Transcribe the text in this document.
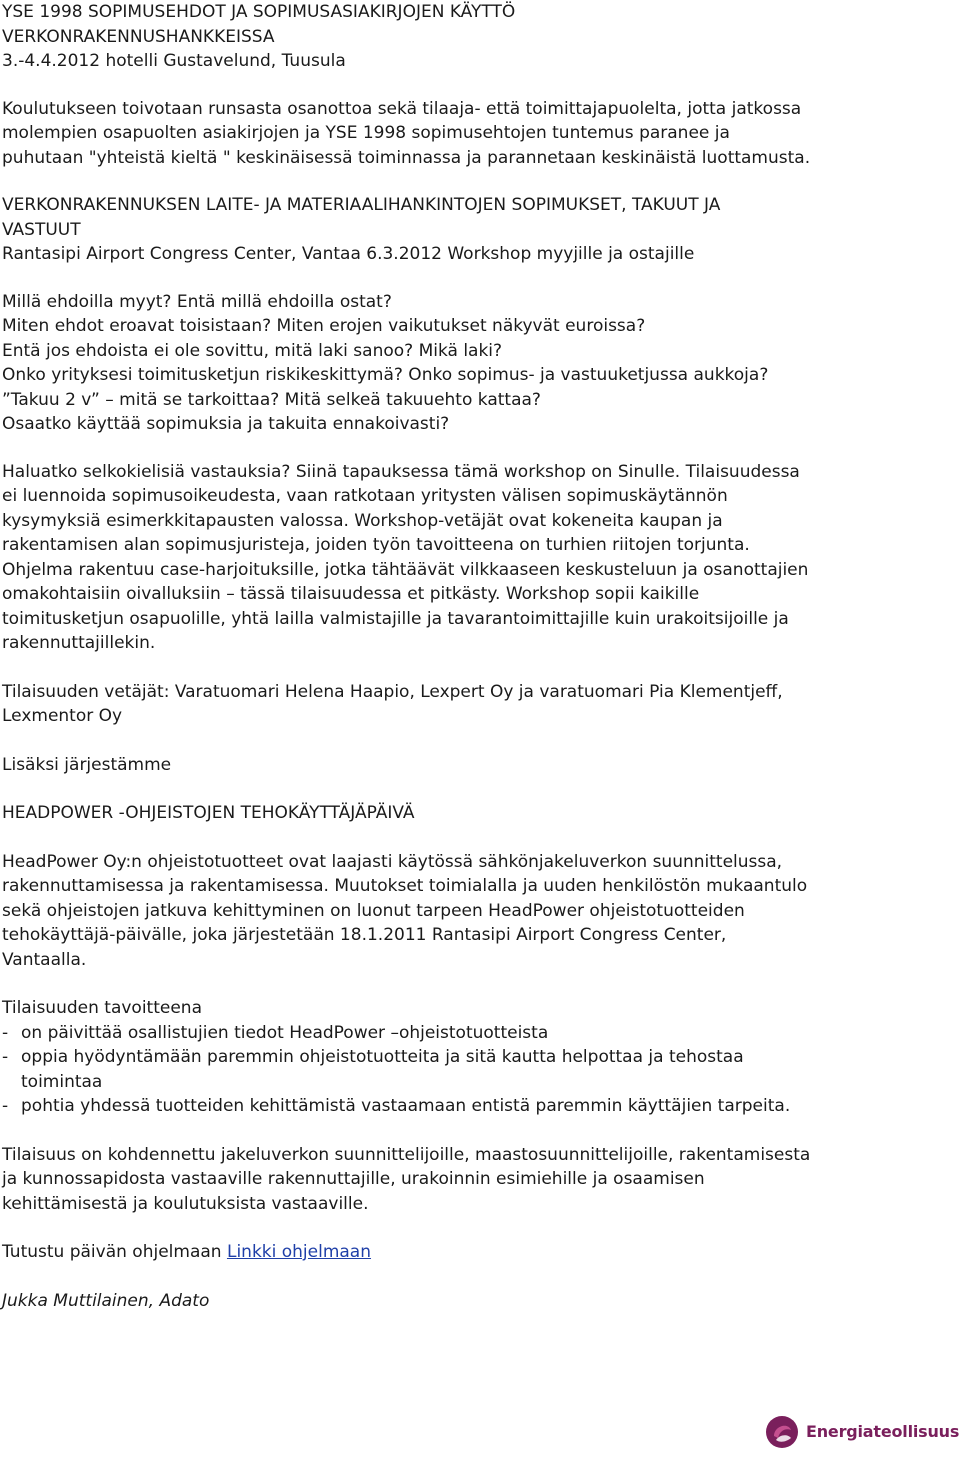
YSE 1998 SOPIMUSEHDOT JA SOPIMUSASIAKIRJOJEN KÄYTTÖ
VERKONRAKENNUSHANKKEISSA
3.-4.4.2012 hotelli Gustavelund, Tuusula
Koulutukseen toivotaan runsasta osanottoa sekä tilaaja- että toimittajapuolelta, jotta jatkossa
molempien osapuolten asiakirjojen ja YSE 1998 sopimusehtojen tuntemus paranee ja
puhutaan "yhteistä kieltä " keskinäisessä toiminnassa ja parannetaan keskinäistä luottamusta.
VERKONRAKENNUKSEN LAITE- JA MATERIAALIHANKINTOJEN SOPIMUKSET, TAKUUT JA
VASTUUT
Rantasipi Airport Congress Center, Vantaa 6.3.2012 Workshop myyjille ja ostajille
Millä ehdoilla myyt? Entä millä ehdoilla ostat?
Miten ehdot eroavat toisistaan? Miten erojen vaikutukset näkyvät euroissa?
Entä jos ehdoista ei ole sovittu, mitä laki sanoo? Mikä laki?
Onko yrityksesi toimitusketjun riskikeskittymä? Onko sopimus- ja vastuuketjussa aukkoja?
”Takuu 2 v” – mitä se tarkoittaa? Mitä selkeä takuuehto kattaa?
Osaatko käyttää sopimuksia ja takuita ennakoivasti?
Haluatko selkokielisiä vastauksia? Siinä tapauksessa tämä workshop on Sinulle. Tilaisuudessa
ei luennoida sopimusoikeudesta, vaan ratkotaan yritysten välisen sopimuskäytännön
kysymyksiä esimerkkitapausten valossa. Workshop-vetäjät ovat kokeneita kaupan ja
rakentamisen alan sopimusjuristeja, joiden työn tavoitteena on turhien riitojen torjunta.
Ohjelma rakentuu case-harjoituksille, jotka tähtäävät vilkkaaseen keskusteluun ja osanottajien
omakohtaisiin oivalluksiin – tässä tilaisuudessa et pitkästy. Workshop sopii kaikille
toimitusketjun osapuolille, yhtä lailla valmistajille ja tavarantoimittajille kuin urakoitsijoille ja
rakennuttajillekin.
Tilaisuuden vetäjät: Varatuomari Helena Haapio, Lexpert Oy ja varatuomari Pia Klementjeff,
Lexmentor Oy
Lisäksi järjestämme
HEADPOWER -OHJEISTOJEN TEHOKÄYTTÄJÄPÄIVÄ
HeadPower Oy:n ohjeistotuotteet ovat laajasti käytössä sähkönjakeluverkon suunnittelussa,
rakennuttamisessa ja rakentamisessa. Muutokset toimialalla ja uuden henkilöstön mukaantulo
sekä ohjeistojen jatkuva kehittyminen on luonut tarpeen HeadPower ohjeistotuotteiden
tehokäyttäjä-päivälle, joka järjestetään 18.1.2011 Rantasipi Airport Congress Center,
Vantaalla.
Tilaisuuden tavoitteena
- on päivittää osallistujien tiedot HeadPower –ohjeistotuotteista
- oppia hyödyntämään paremmin ohjeistotuotteita ja sitä kautta helpottaa ja tehostaa
toimintaa
- pohtia yhdessä tuotteiden kehittämistä vastaamaan entistä paremmin käyttäjien tarpeita.
Tilaisuus on kohdennettu jakeluverkon suunnittelijoille, maastosuunnittelijoille, rakentamisesta
ja kunnossapidosta vastaaville rakennuttajille, urakoinnin esimiehille ja osaamisen
kehittämisestä ja koulutuksista vastaaville.
Tutustu päivän ohjelmaan Linkki ohjelmaan
Jukka Muttilainen, Adato
Energiateollisuus
